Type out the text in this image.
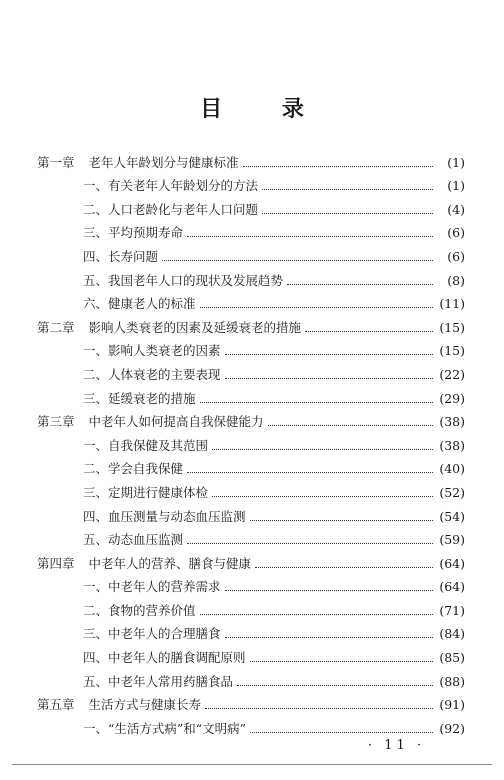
目 录
第一章 老年人年龄划分与健康标准	(1)
一、有关老年人年龄划分的方法	(1)
二、人口老龄化与老年人口问题	(4)
三、平均预期寿命	(6)
四、长寿问题	(6)
五、我国老年人口的现状及发展趋势	(8)
六、健康老人的标准	(11)
第二章 影响人类衰老的因素及延缓衰老的措施	(15)
一、影响人类衰老的因素	(15)
二、人体衰老的主要表现	(22)
三、延缓衰老的措施	(29)
第三章 中老年人如何提高自我保健能力	(38)
一、自我保健及其范围	(38)
二、学会自我保健	(40)
三、定期进行健康体检	(52)
四、血压测量与动态血压监测	(54)
五、动态血压监测	(59)
第四章 中老年人的营养、膳食与健康	(64)
一、中老年人的营养需求	(64)
二、食物的营养价值	(71)
三、中老年人的合理膳食	(84)
四、中老年人的膳食调配原则	(85)
五、中老年人常用药膳食品	(88)
第五章 生活方式与健康长寿	(91)
一、“生活方式病”和“文明病”	(92)
· 11 ·
